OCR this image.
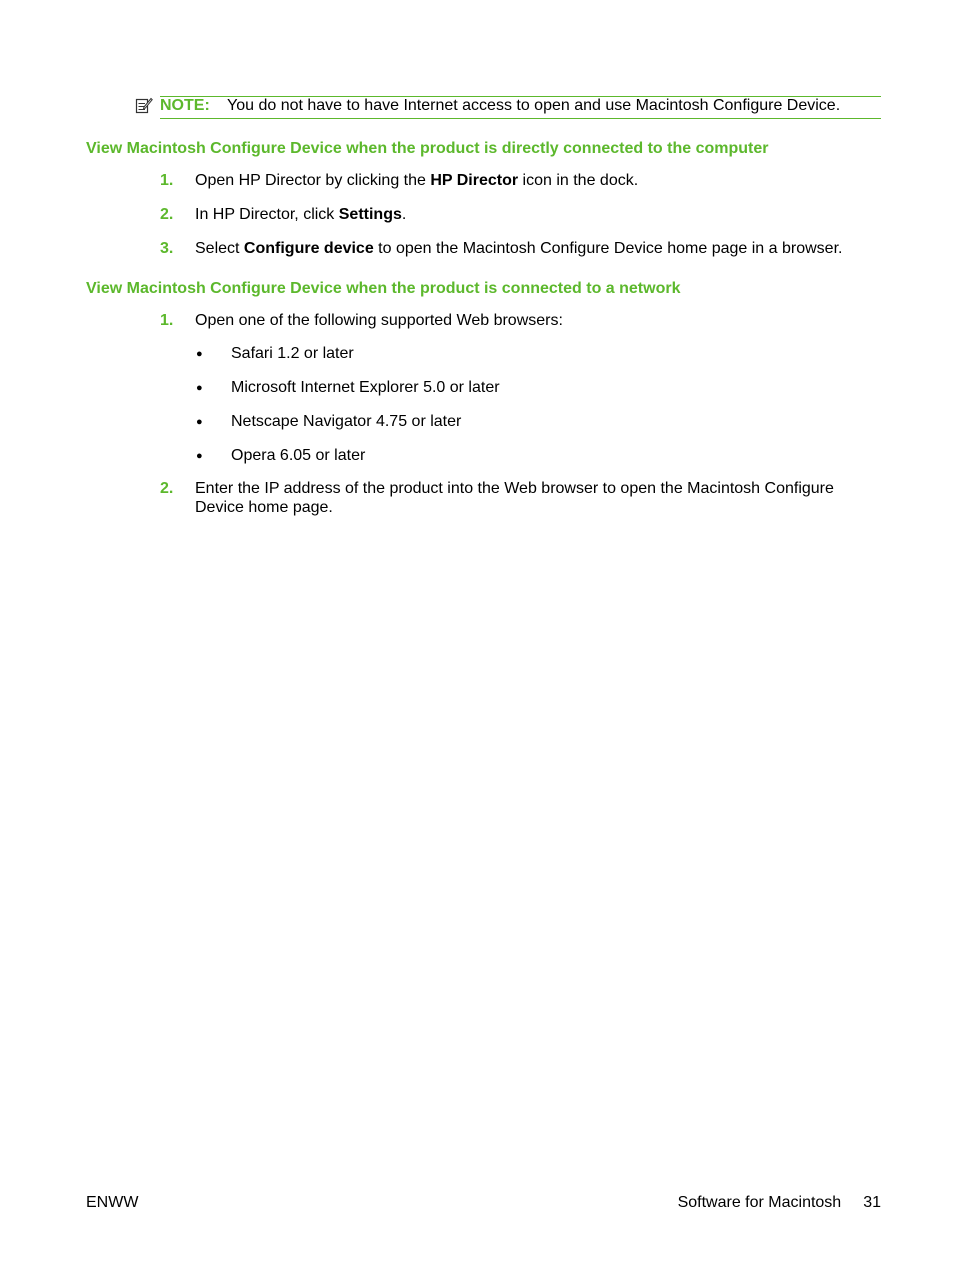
NOTE: You do not have to have Internet access to open and use Macintosh Configure Device.
View Macintosh Configure Device when the product is directly connected to the computer
1. Open HP Director by clicking the HP Director icon in the dock.
2. In HP Director, click Settings.
3. Select Configure device to open the Macintosh Configure Device home page in a browser.
View Macintosh Configure Device when the product is connected to a network
1. Open one of the following supported Web browsers:
● Safari 1.2 or later
● Microsoft Internet Explorer 5.0 or later
● Netscape Navigator 4.75 or later
● Opera 6.05 or later
2. Enter the IP address of the product into the Web browser to open the Macintosh Configure Device home page.
ENWW	Software for Macintosh 31
